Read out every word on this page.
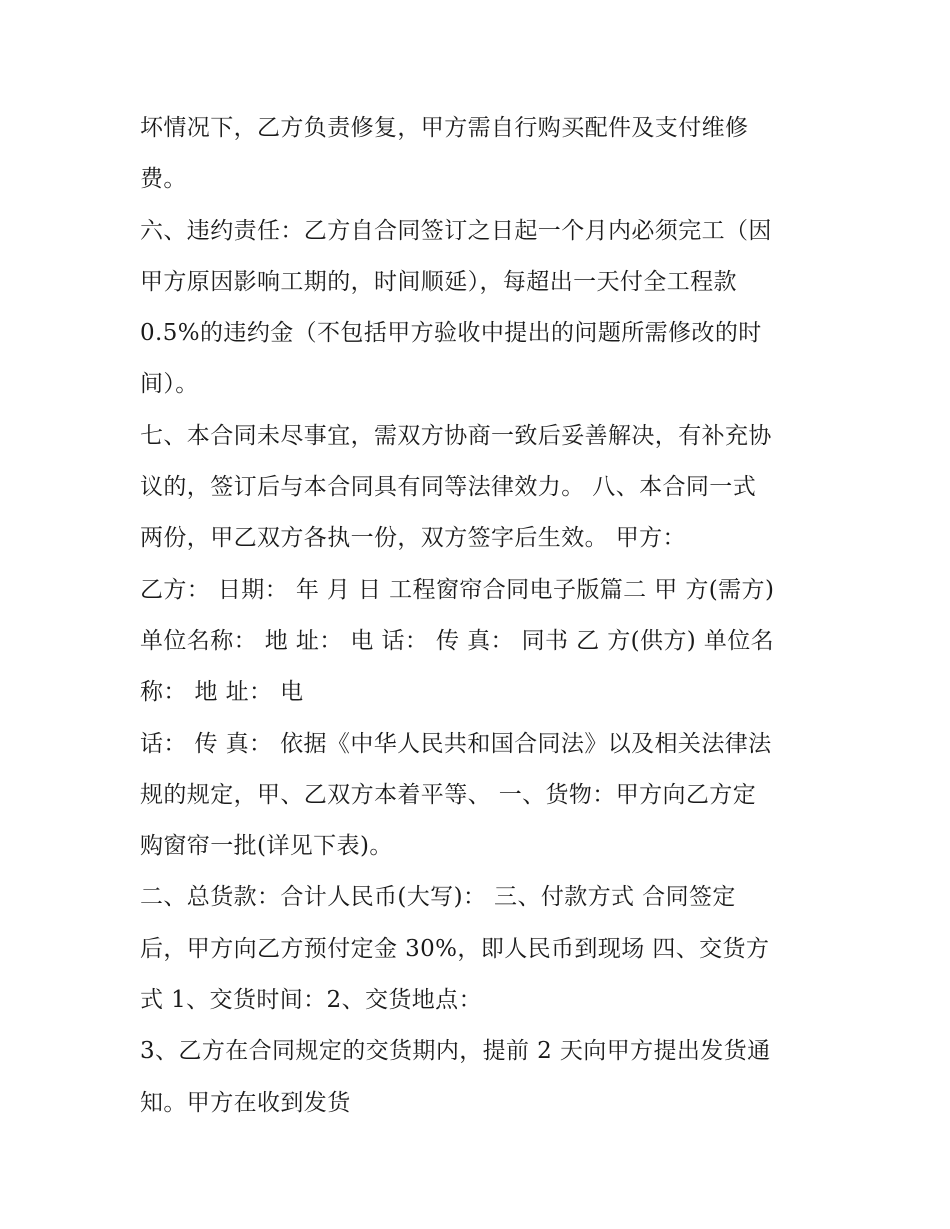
坏情况下，乙方负责修复，甲方需自行购买配件及支付维修
费。
六、违约责任：乙方自合同签订之日起一个月内必须完工（因
甲方原因影响工期的，时间顺延），每超出一天付全工程款
0.5%的违约金（不包括甲方验收中提出的问题所需修改的时
间）。
七、本合同未尽事宜，需双方协商一致后妥善解决，有补充协
议的，签订后与本合同具有同等法律效力。 八、本合同一式
两份，甲乙双方各执一份，双方签字后生效。 甲方：
乙方： 日期： 年 月 日 工程窗帘合同电子版篇二 甲 方(需方)
单位名称： 地 址： 电 话： 传 真： 同书 乙 方(供方) 单位名
称： 地 址： 电
话： 传 真： 依据《中华人民共和国合同法》以及相关法律法
规的规定，甲、乙双方本着平等、 一、货物：甲方向乙方定
购窗帘一批(详见下表)。
二、总货款：合计人民币(大写)： 三、付款方式 合同签定
后，甲方向乙方预付定金 30%，即人民币到现场 四、交货方
式 1、交货时间：2、交货地点：
3、乙方在合同规定的交货期内，提前 2 天向甲方提出发货通
知。甲方在收到发货
